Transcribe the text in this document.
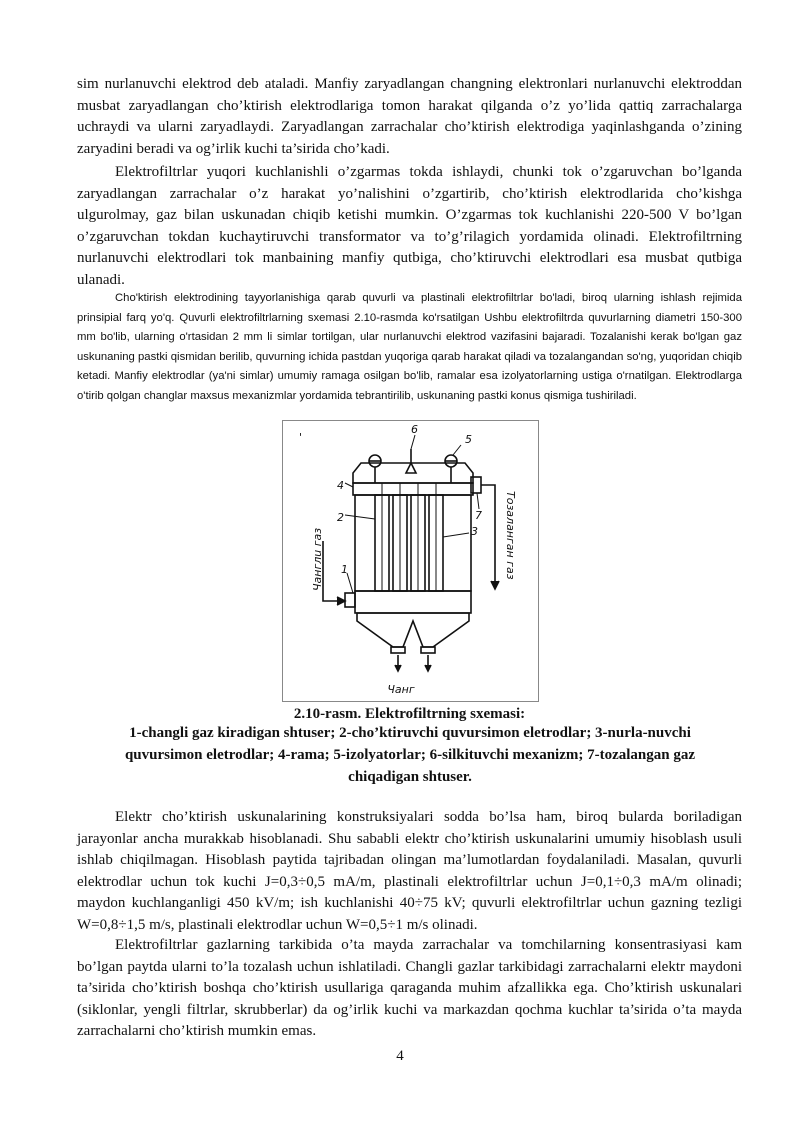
sim nurlanuvchi elektrod deb ataladi. Manfiy zaryadlangan changning elektronlari nurlanuvchi elektroddan musbat zaryadlangan cho’ktirish elektrodlariga tomon harakat qilganda o’z yo’lida qattiq zarrachalarga uchraydi va ularni zaryadlaydi. Zaryadlangan zarrachalar cho’ktirish elektrodiga yaqinlashganda o’zining zaryadini beradi va og’irlik kuchi ta’sirida cho’kadi.

Elektrofiltrlar yuqori kuchlanishli o’zgarmas tokda ishlaydi, chunki tok o’zgaruvchan bo’lganda zaryadlangan zarrachalar o’z harakat yo’nalishini o’zgartirib, cho’ktirish elektrodlarida cho’kishga ulgurolmay, gaz bilan uskunadan chiqib ketishi mumkin. O’zgarmas tok kuchlanishi 220-500 V bo’lgan o’zgaruvchan tokdan kuchaytiruvchi transformator va to’g’rilagich yordamida olinadi. Elektrofiltrning nurlanuvchi elektrodlari tok manbaining manfiy qutbiga, cho’ktiruvchi elektrodlari esa musbat qutbiga ulanadi.

Cho'ktirish elektrodining tayyorlanishiga qarab quvurli va plastinali elektrofiltrlar bo'ladi, biroq ularning ishlash rejimida prinsipial farq yo'q. Quvurli elektrofiltrlarning sxemasi 2.10-rasmda ko'rsatilgan Ushbu elektrofiltrda quvurlarning diametri 150-300 mm bo'lib, ularning o'rtasidan 2 mm li simlar tortilgan, ular nurlanuvchi elektrod vazifasini bajaradi. Tozalanishi kerak bo'lgan gaz uskunaning pastki qismidan berilib, quvurning ichida pastdan yuqoriga qarab harakat qiladi va tozalangandan so'ng, yuqoridan chiqib ketadi. Manfiy elektrodlar (ya'ni simlar) umumiy ramaga osilgan bo'lib, ramalar esa izolyatorlarning ustiga o'rnatilgan. Elektrodlarga o'tirib qolgan changlar maxsus mexanizmlar yordamida tebrantirilib, uskunaning pastki konus qismiga tushiriladi.

6
5
4
2
3
7
1
'
Чанг
Чанглu газ	Тозаланган газ

2.10-rasm. Elektrofiltrning sxemasi:

1-changli gaz kiradigan shtuser; 2-cho’ktiruvchi quvursimon eletrodlar; 3-nurla-nuvchi quvursimon eletrodlar; 4-rama; 5-izolyatorlar; 6-silkituvchi mexanizm; 7-tozalangan gaz chiqadigan shtuser.

Elektr cho’ktirish uskunalarining konstruksiyalari sodda bo’lsa ham, biroq bularda boriladigan jarayonlar ancha murakkab hisoblanadi. Shu sababli elektr cho’ktirish uskunalarini umumiy hisoblash usuli ishlab chiqilmagan. Hisoblash paytida tajribadan olingan ma’lumotlardan foydalaniladi. Masalan, quvurli elektrodlar uchun tok kuchi J=0,3÷0,5 mA/m, plastinali elektrofiltrlar uchun J=0,1÷0,3 mA/m olinadi; maydon kuchlanganligi 450 kV/m; ish kuchlanishi 40÷75 kV; quvurli elektrofiltrlar uchun gazning tezligi W=0,8÷1,5 m/s, plastinali elektrodlar uchun W=0,5÷1 m/s olinadi.

Elektrofiltrlar gazlarning tarkibida o’ta mayda zarrachalar va tomchilarning konsentrasiyasi kam bo’lgan paytda ularni to’la tozalash uchun ishlatiladi. Changli gazlar tarkibidagi zarrachalarni elektr maydoni ta’sirida cho’ktirish boshqa cho’ktirish usullariga qaraganda muhim afzallikka ega. Cho’ktirish uskunalari (siklonlar, yengli filtrlar, skrubberlar) da og’irlik kuchi va markazdan qochma kuchlar ta’sirida o’ta mayda zarrachalarni cho’ktirish mumkin emas.

4
